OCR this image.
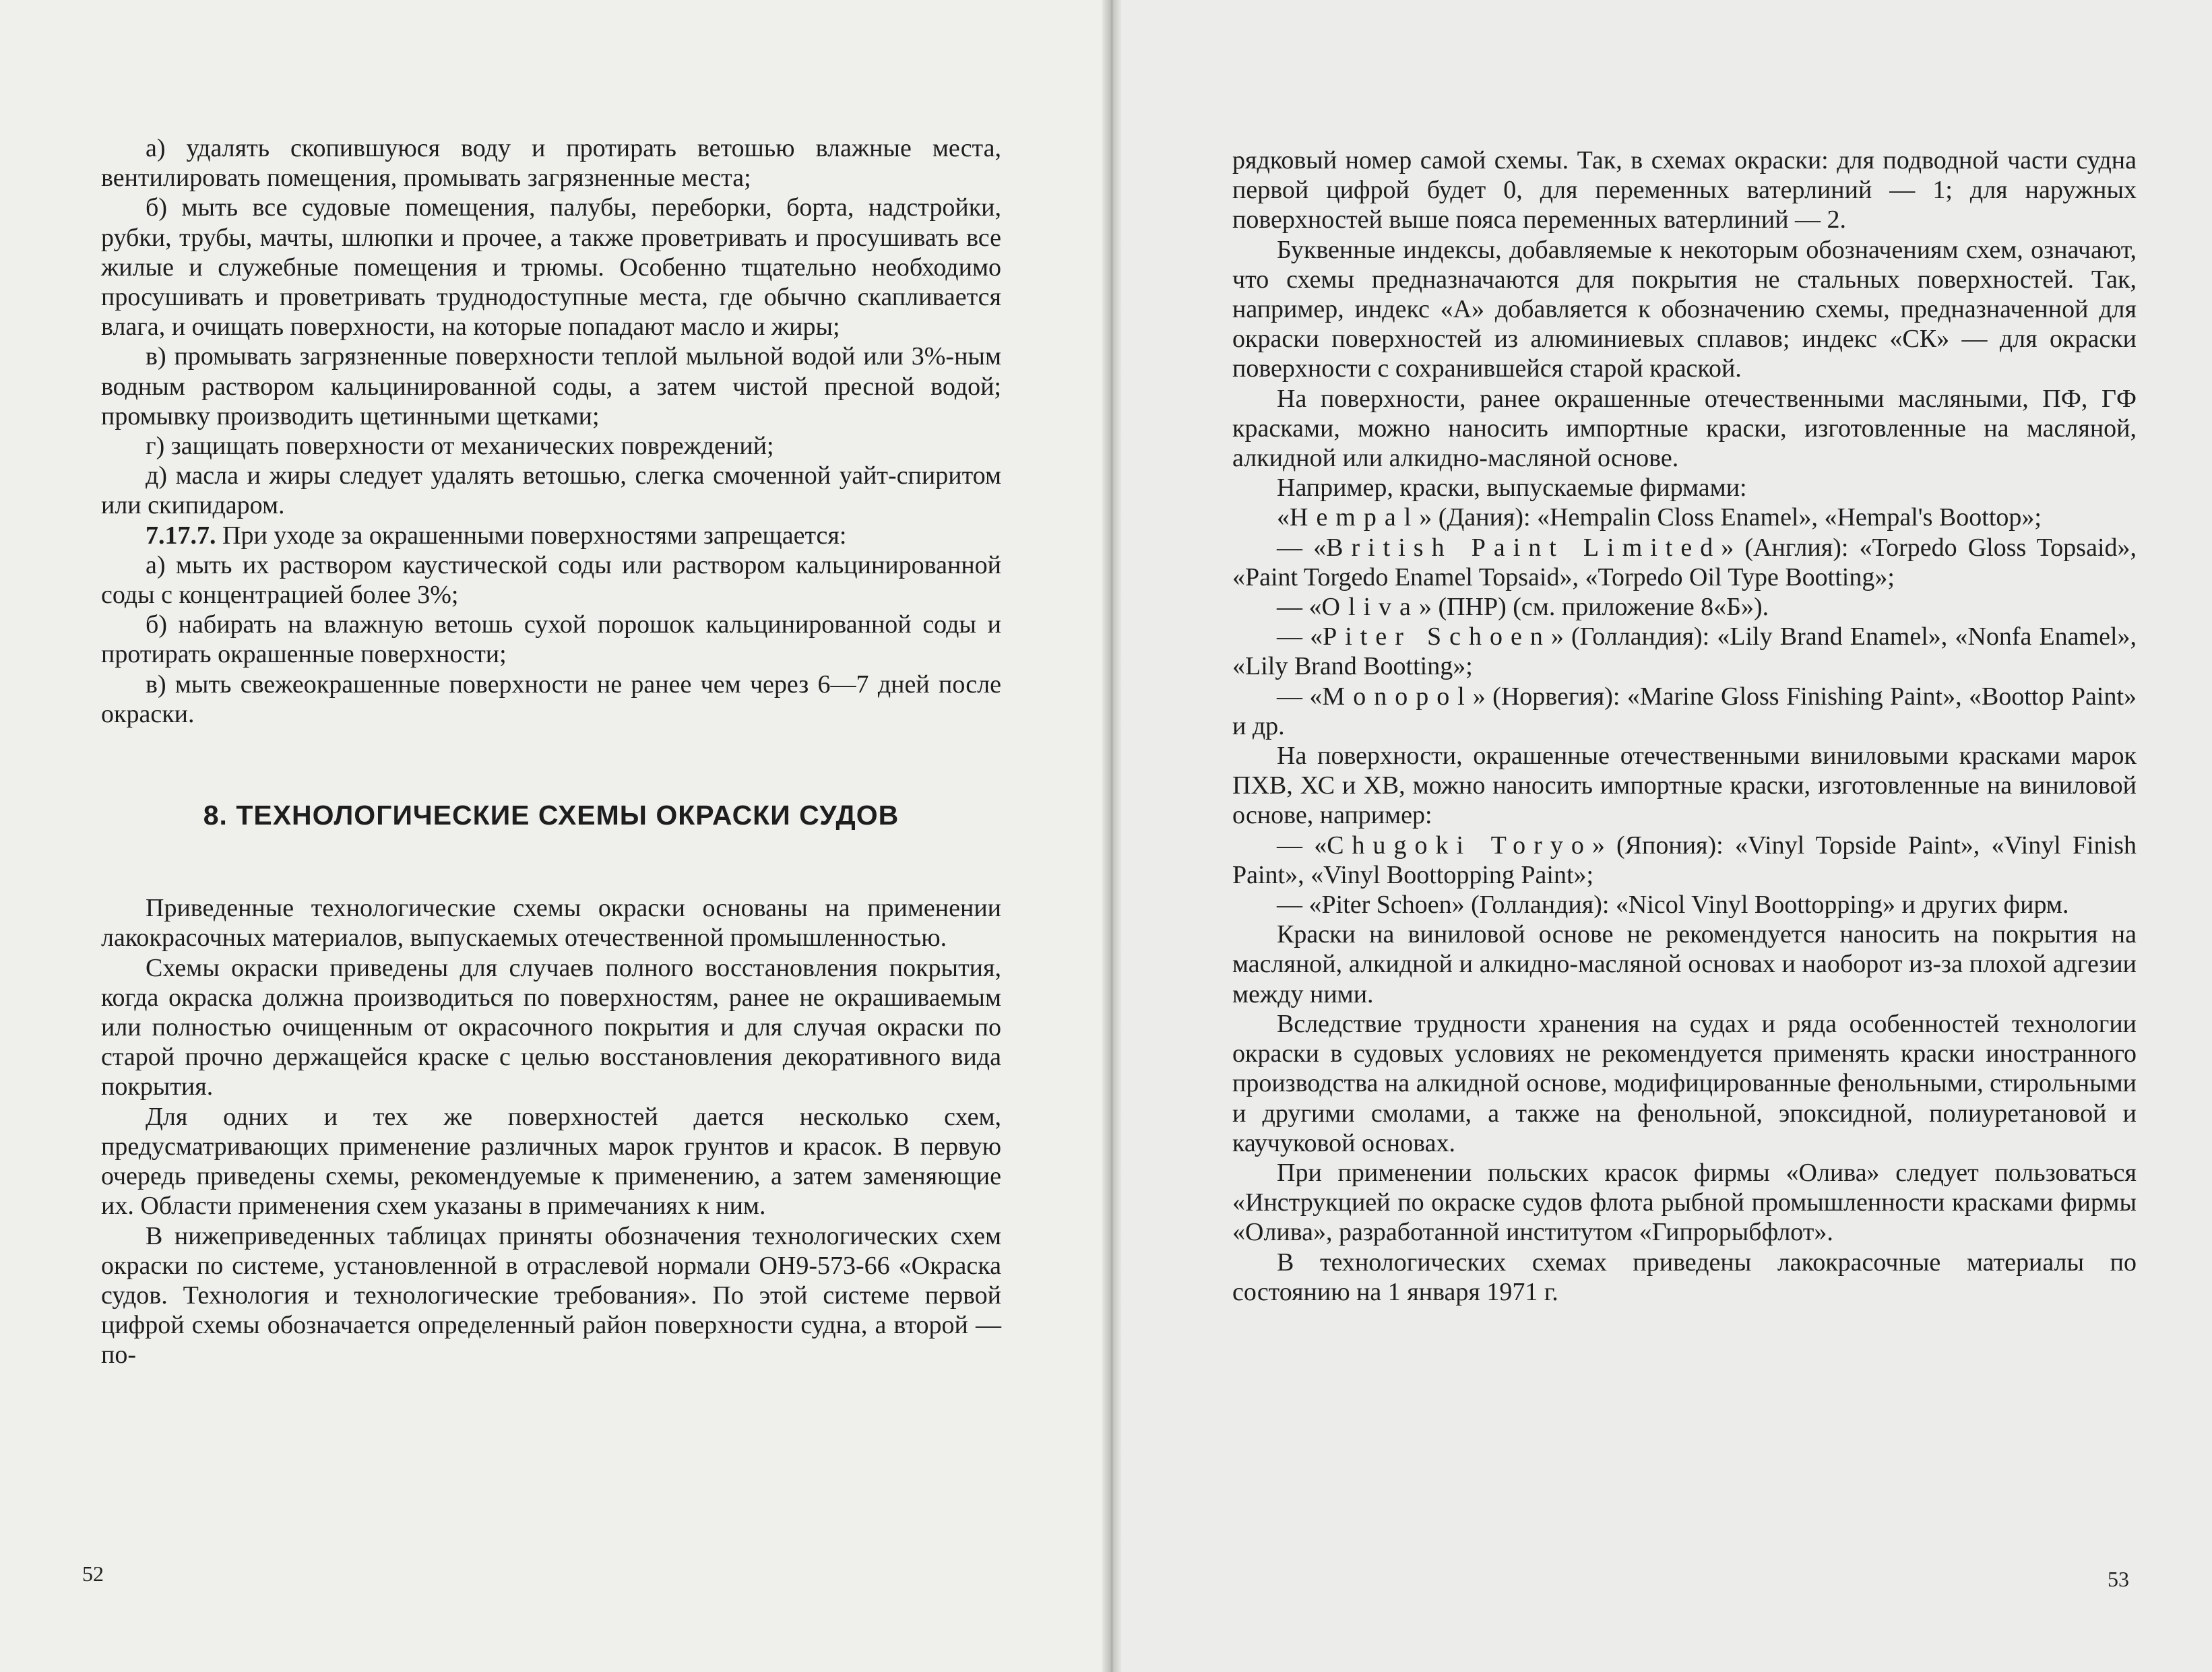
а) удалять скопившуюся воду и протирать ветошью влажные места, вентилировать помещения, промывать загрязненные места;

б) мыть все судовые помещения, палубы, переборки, борта, надстройки, рубки, трубы, мачты, шлюпки и прочее, а также проветривать и просушивать все жилые и служебные помещения и трюмы. Особенно тщательно необходимо просушивать и проветривать труднодоступные места, где обычно скапливается влага, и очищать поверхности, на которые попадают масло и жиры;

в) промывать загрязненные поверхности теплой мыльной водой или 3%-ным водным раствором кальцинированной соды, а затем чистой пресной водой; промывку производить щетинными щетками;

г) защищать поверхности от механических повреждений;

д) масла и жиры следует удалять ветошью, слегка смоченной уайт-спиритом или скипидаром.

7.17.7. При уходе за окрашенными поверхностями запрещается:

а) мыть их раствором каустической соды или раствором кальцинированной соды с концентрацией более 3%;

б) набирать на влажную ветошь сухой порошок кальцинированной соды и протирать окрашенные поверхности;

в) мыть свежеокрашенные поверхности не ранее чем через 6—7 дней после окраски.

8. ТЕХНОЛОГИЧЕСКИЕ СХЕМЫ ОКРАСКИ СУДОВ

Приведенные технологические схемы окраски основаны на применении лакокрасочных материалов, выпускаемых отечественной промышленностью.

Схемы окраски приведены для случаев полного восстановления покрытия, когда окраска должна производиться по поверхностям, ранее не окрашиваемым или полностью очищенным от окрасочного покрытия и для случая окраски по старой прочно держащейся краске с целью восстановления декоративного вида покрытия.

Для одних и тех же поверхностей дается несколько схем, предусматривающих применение различных марок грунтов и красок. В первую очередь приведены схемы, рекомендуемые к применению, а затем заменяющие их. Области применения схем указаны в примечаниях к ним.

В нижеприведенных таблицах приняты обозначения технологических схем окраски по системе, установленной в отраслевой нормали ОН9-573-66 «Окраска судов. Технология и технологические требования». По этой системе первой цифрой схемы обозначается определенный район поверхности судна, а второй — по-

52	53

рядковый номер самой схемы. Так, в схемах окраски: для подводной части судна первой цифрой будет 0, для переменных ватерлиний — 1; для наружных поверхностей выше пояса переменных ватерлиний — 2.

Буквенные индексы, добавляемые к некоторым обозначениям схем, означают, что схемы предназначаются для покрытия не стальных поверхностей. Так, например, индекс «А» добавляется к обозначению схемы, предназначенной для окраски поверхностей из алюминиевых сплавов; индекс «СК» — для окраски поверхности с сохранившейся старой краской.

На поверхности, ранее окрашенные отечественными масляными, ПФ, ГФ красками, можно наносить импортные краски, изготовленные на масляной, алкидной или алкидно-масляной основе.

Например, краски, выпускаемые фирмами:

«Hempal» (Дания): «Hempalin Closs Enamel», «Hempal's Boottop»;

— «British Paint Limited» (Англия): «Torpedo Gloss Topsaid», «Paint Torgedo Enamel Topsaid», «Torpedo Oil Type Bootting»;

— «Oliva» (ПНР) (см. приложение 8«Б»).

— «Piter Schoen» (Голландия): «Lily Brand Enamel», «Nonfa Enamel», «Lily Brand Bootting»;

— «Monopol» (Норвегия): «Marine Gloss Finishing Paint», «Boottop Paint» и др.

На поверхности, окрашенные отечественными виниловыми красками марок ПХВ, ХС и ХВ, можно наносить импортные краски, изготовленные на виниловой основе, например:

— «Chugoki Toryo» (Япония): «Vinyl Topside Paint», «Vinyl Finish Paint», «Vinyl Boottopping Paint»;

— «Piter Schoen» (Голландия): «Nicol Vinyl Boottopping» и других фирм.

Краски на виниловой основе не рекомендуется наносить на покрытия на масляной, алкидной и алкидно-масляной основах и наоборот из-за плохой адгезии между ними.

Вследствие трудности хранения на судах и ряда особенностей технологии окраски в судовых условиях не рекомендуется применять краски иностранного производства на алкидной основе, модифицированные фенольными, стирольными и другими смолами, а также на фенольной, эпоксидной, полиуретановой и каучуковой основах.

При применении польских красок фирмы «Олива» следует пользоваться «Инструкцией по окраске судов флота рыбной промышленности красками фирмы «Олива», разработанной институтом «Гипрорыбфлот».

В технологических схемах приведены лакокрасочные материалы по состоянию на 1 января 1971 г.
